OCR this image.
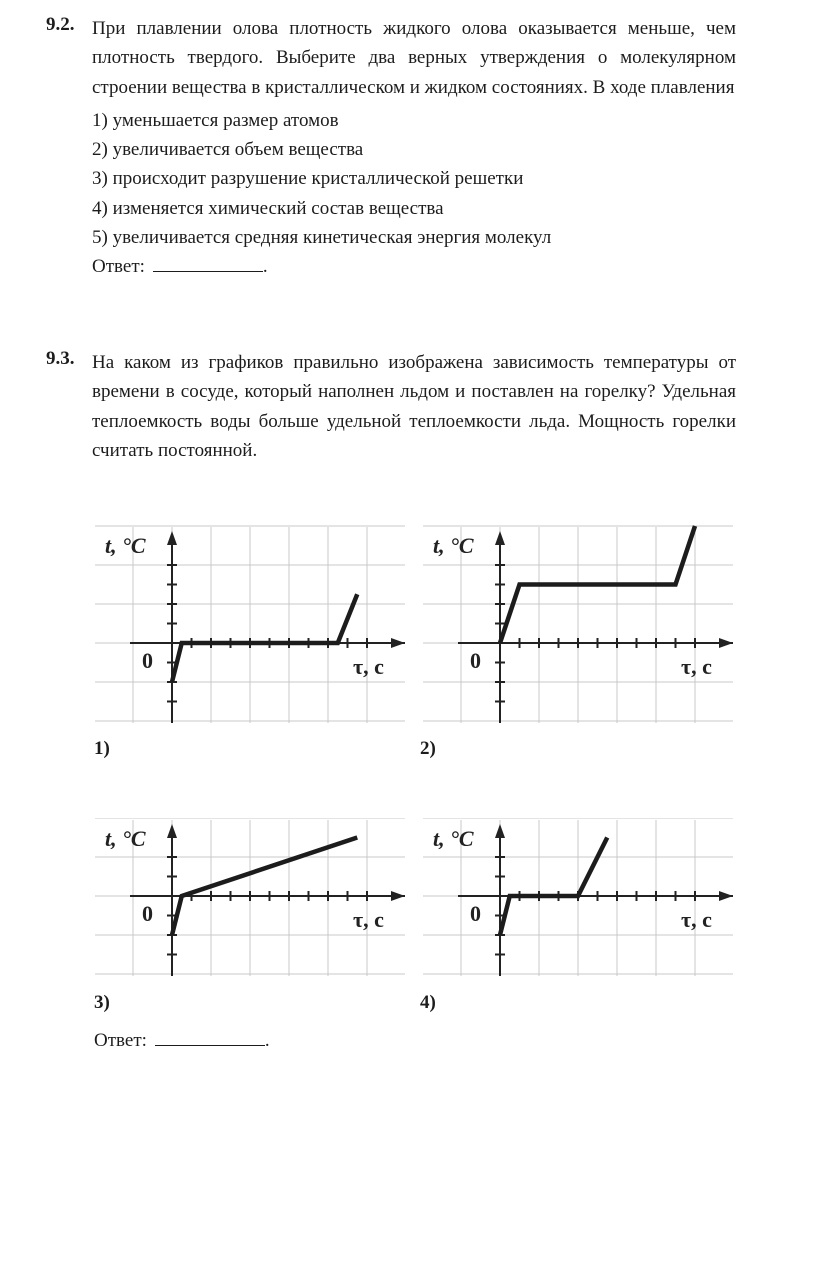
9.2. При плавлении олова плотность жидкого олова оказывается меньше, чем плотность твердого. Выберите два верных утверждения о молекулярном строении вещества в кристаллическом и жидком состояниях. В ходе плавления
1) уменьшается размер атомов
2) увеличивается объем вещества
3) происходит разрушение кристаллической решетки
4) изменяется химический состав вещества
5) увеличивается средняя кинетическая энергия молекул
Ответ:	.
9.3. На каком из графиков правильно изображена зависимость температуры от времени в сосуде, который наполнен льдом и поставлен на горелку? Удельная теплоемкость воды больше удельной теплоемкости льда. Мощность горелки считать постоянной.
t, °C
τ, с
0
t, °C
τ, с
0
t, °C
τ, с
0
t, °C
τ, с
0
1)	2)
3)	4)
Ответ:	.
